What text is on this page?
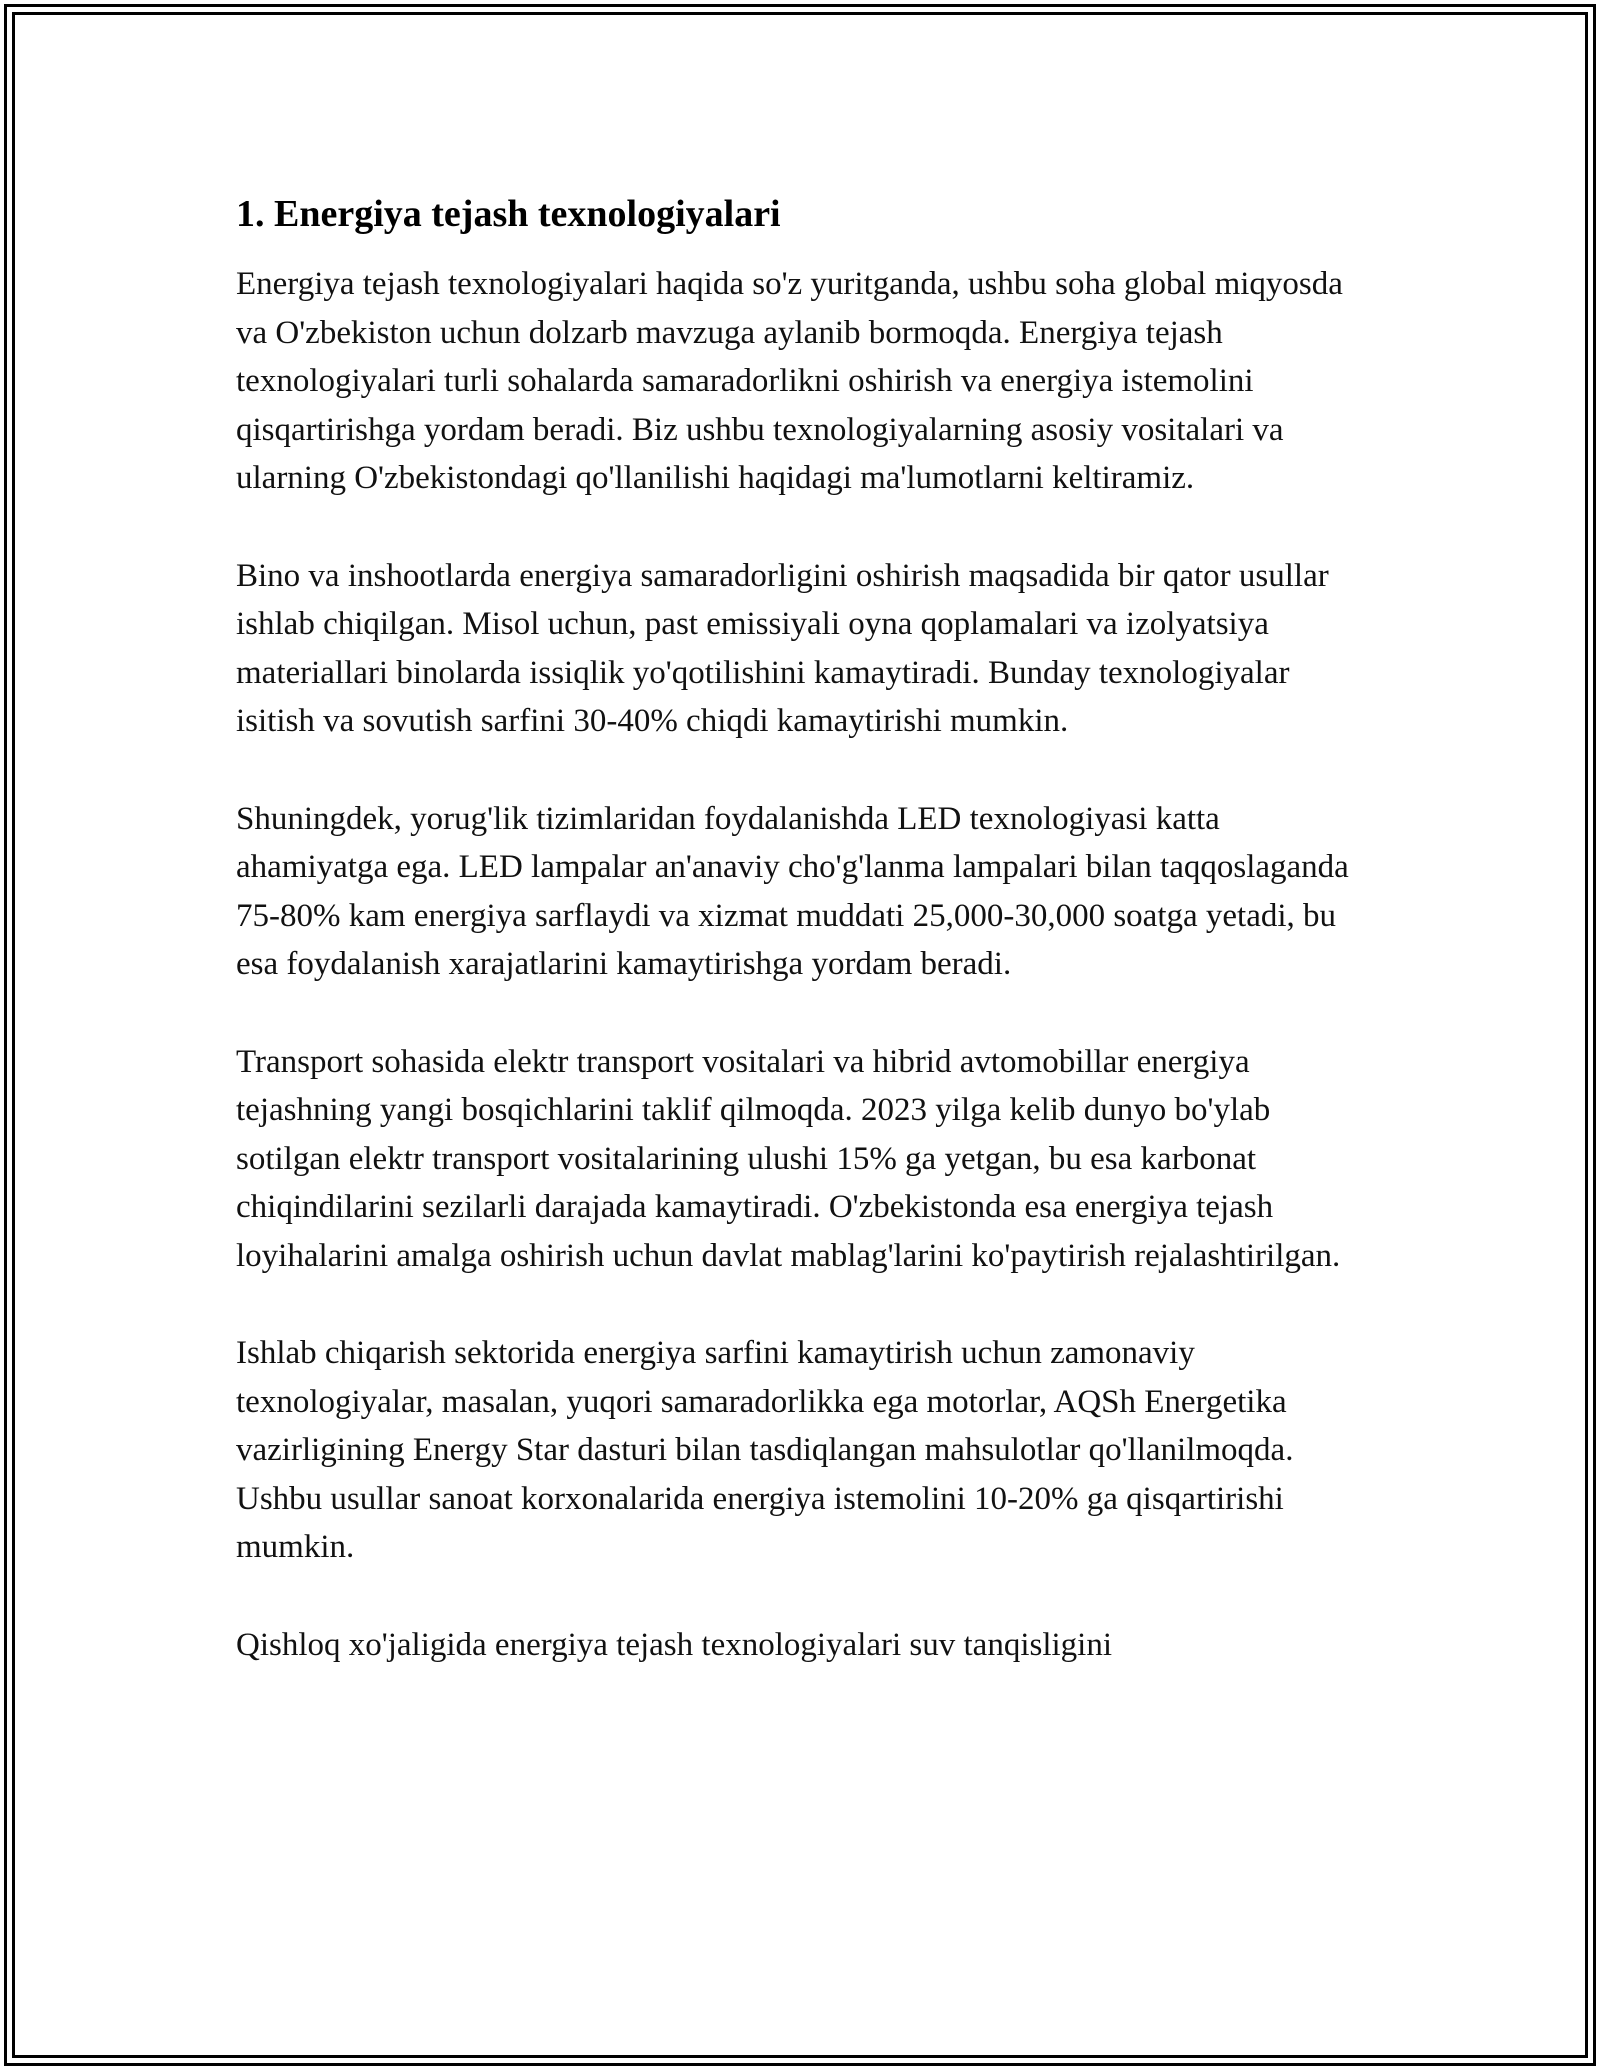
1. Energiya tejash texnologiyalari

Energiya tejash texnologiyalari haqida so'z yuritganda, ushbu soha global miqyosda va O'zbekiston uchun dolzarb mavzuga aylanib bormoqda. Energiya tejash texnologiyalari turli sohalarda samaradorlikni oshirish va energiya istemolini qisqartirishga yordam beradi. Biz ushbu texnologiyalarning asosiy vositalari va ularning O'zbekistondagi qo'llanilishi haqidagi ma'lumotlarni keltiramiz.

Bino va inshootlarda energiya samaradorligini oshirish maqsadida bir qator usullar ishlab chiqilgan. Misol uchun, past emissiyali oyna qoplamalari va izolyatsiya materiallari binolarda issiqlik yo'qotilishini kamaytiradi. Bunday texnologiyalar isitish va sovutish sarfini 30-40% chiqdi kamaytirishi mumkin.

Shuningdek, yorug'lik tizimlaridan foydalanishda LED texnologiyasi katta ahamiyatga ega. LED lampalar an'anaviy cho'g'lanma lampalari bilan taqqoslaganda 75-80% kam energiya sarflaydi va xizmat muddati 25,000-30,000 soatga yetadi, bu esa foydalanish xarajatlarini kamaytirishga yordam beradi.

Transport sohasida elektr transport vositalari va hibrid avtomobillar energiya tejashning yangi bosqichlarini taklif qilmoqda. 2023 yilga kelib dunyo bo'ylab sotilgan elektr transport vositalarining ulushi 15% ga yetgan, bu esa karbonat chiqindilarini sezilarli darajada kamaytiradi. O'zbekistonda esa energiya tejash loyihalarini amalga oshirish uchun davlat mablag'larini ko'paytirish rejalashtirilgan.

Ishlab chiqarish sektorida energiya sarfini kamaytirish uchun zamonaviy texnologiyalar, masalan, yuqori samaradorlikka ega motorlar, AQSh Energetika vazirligining Energy Star dasturi bilan tasdiqlangan mahsulotlar qo'llanilmoqda. Ushbu usullar sanoat korxonalarida energiya istemolini 10-20% ga qisqartirishi mumkin.

Qishloq xo'jaligida energiya tejash texnologiyalari suv tanqisligini
